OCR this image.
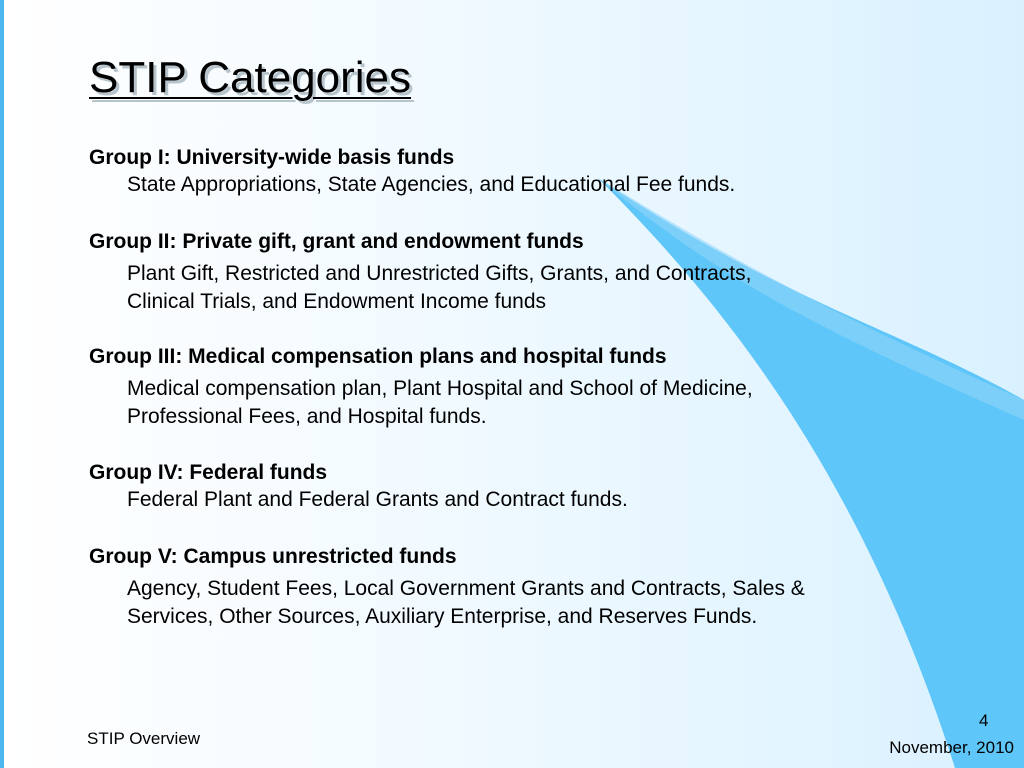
STIP Categories
Group I: University-wide basis funds
State Appropriations, State Agencies, and Educational Fee funds.
Group II: Private gift, grant and endowment funds
Plant Gift, Restricted and Unrestricted Gifts, Grants, and Contracts,
Clinical Trials, and Endowment Income funds
Group III: Medical compensation plans and hospital funds
Medical compensation plan, Plant Hospital and School of Medicine,
Professional Fees, and Hospital funds.
Group IV: Federal funds
Federal Plant and Federal Grants and Contract funds.
Group V: Campus unrestricted funds
Agency, Student Fees, Local Government Grants and Contracts, Sales &
Services, Other Sources, Auxiliary Enterprise, and Reserves Funds.
STIP Overview
4
November, 2010
